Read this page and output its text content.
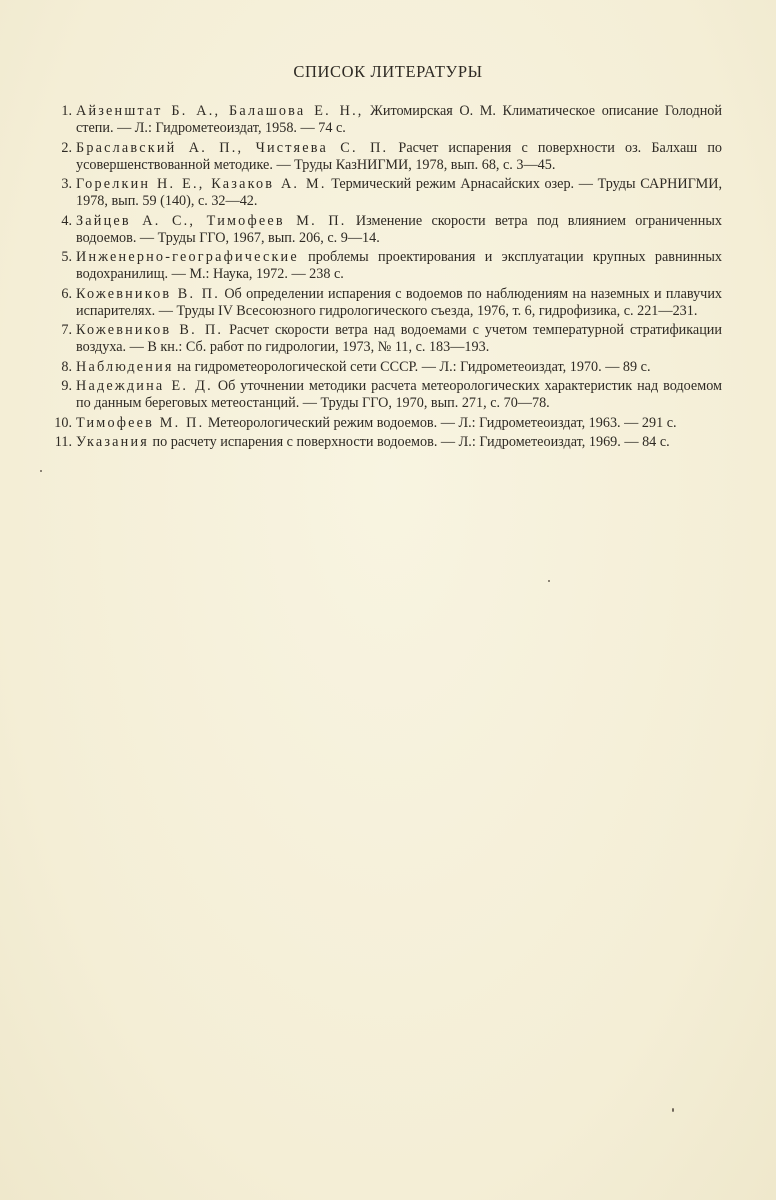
СПИСОК ЛИТЕРАТУРЫ
1. Айзенштат Б. А., Балашова Е. Н., Житомирская О. М. Климатическое описание Голодной степи. — Л.: Гидрометеоиздат, 1958. — 74 с.
2. Браславский А. П., Чистяева С. П. Расчет испарения с поверхности оз. Балхаш по усовершенствованной методике. — Труды КазНИГМИ, 1978, вып. 68, с. 3—45.
3. Горелкин Н. Е., Казаков А. М. Термический режим Арнасайских озер. — Труды САРНИГМИ, 1978, вып. 59 (140), с. 32—42.
4. Зайцев А. С., Тимофеев М. П. Изменение скорости ветра под влиянием ограниченных водоемов. — Труды ГГО, 1967, вып. 206, с. 9—14.
5. Инженерно-географические проблемы проектирования и эксплуатации крупных равнинных водохранилищ. — М.: Наука, 1972. — 238 с.
6. Кожевников В. П. Об определении испарения с водоемов по наблюдениям на наземных и плавучих испарителях. — Труды IV Всесоюзного гидрологического съезда, 1976, т. 6, гидрофизика, с. 221—231.
7. Кожевников В. П. Расчет скорости ветра над водоемами с учетом температурной стратификации воздуха. — В кн.: Сб. работ по гидрологии, 1973, № 11, с. 183—193.
8. Наблюдения на гидрометеорологической сети СССР. — Л.: Гидрометеоиздат, 1970. — 89 с.
9. Надеждина Е. Д. Об уточнении методики расчета метеорологических характеристик над водоемом по данным береговых метеостанций. — Труды ГГО, 1970, вып. 271, с. 70—78.
10. Тимофеев М. П. Метеорологический режим водоемов. — Л.: Гидрометеоиздат, 1963. — 291 с.
11. Указания по расчету испарения с поверхности водоемов. — Л.: Гидрометеоиздат, 1969. — 84 с.
